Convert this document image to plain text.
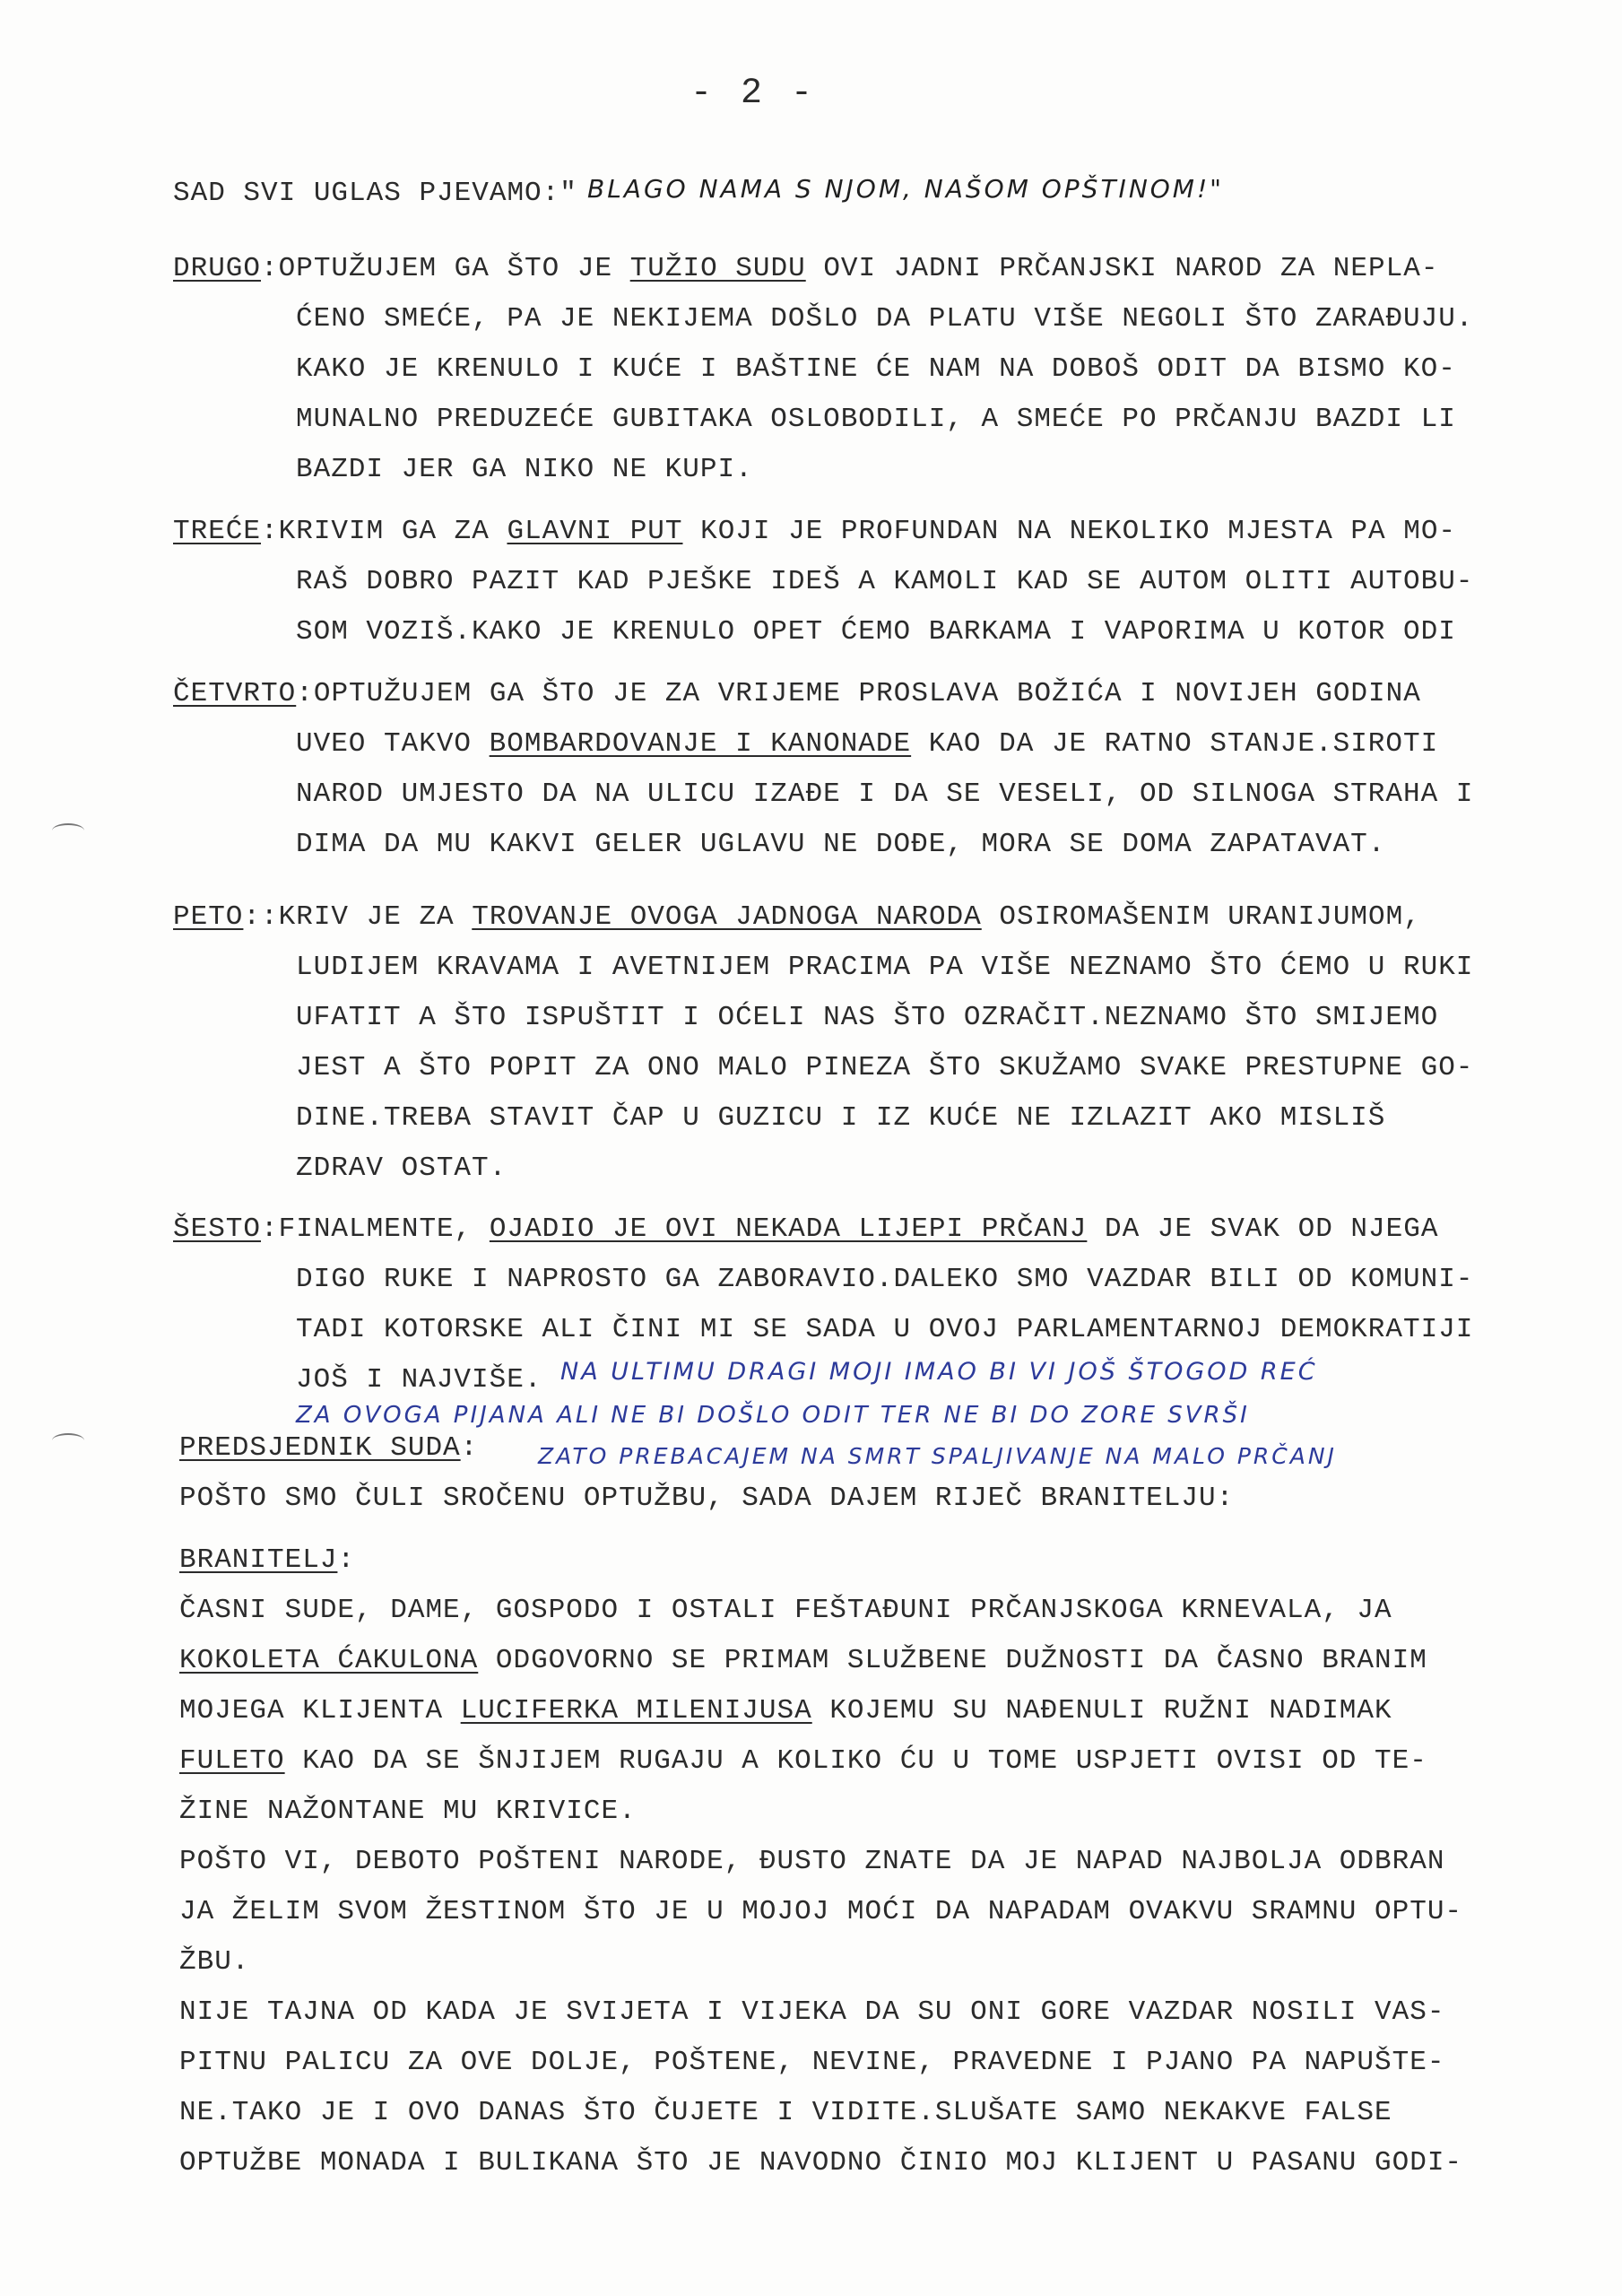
- 2 -
SAD SVI UGLAS PJEVAMO:" BLAGO NAMA S NJOM, NAŠOM OPŠTINOM!"
DRUGO:OPTUŽUJEM GA ŠTO JE TUŽIO SUDU OVI JADNI PRČANJSKI NAROD ZA NEPLA-
ĆENO SMEĆE, PA JE NEKIJEMA DOŠLO DA PLATU VIŠE NEGOLI ŠTO ZARAĐUJU.
KAKO JE KRENULO I KUĆE I BAŠTINE ĆE NAM NA DOBOŠ ODIT DA BISMO KO-
MUNALNO PREDUZEĆE GUBITAKA OSLOBODILI, A SMEĆE PO PRČANJU BAZDI LI
BAZDI JER GA NIKO NE KUPI.
TREĆE:KRIVIM GA ZA GLAVNI PUT KOJI JE PROFUNDAN NA NEKOLIKO MJESTA PA MO-
RAŠ DOBRO PAZIT KAD PJEŠKE IDEŠ A KAMOLI KAD SE AUTOM OLITI AUTOBU-
SOM VOZIŠ.KAKO JE KRENULO OPET ĆEMO BARKAMA I VAPORIMA U KOTOR ODI
ČETVRTO:OPTUŽUJEM GA ŠTO JE ZA VRIJEME PROSLAVA BOŽIĆA I NOVIJEH GODINA
UVEO TAKVO BOMBARDOVANJE I KANONADE KAO DA JE RATNO STANJE.SIROTI
NAROD UMJESTO DA NA ULICU IZAĐE I DA SE VESELI, OD SILNOGA STRAHA I
DIMA DA MU KAKVI GELER UGLAVU NE DOĐE, MORA SE DOMA ZAPATAVAT.
PETO::KRIV JE ZA TROVANJE OVOGA JADNOGA NARODA OSIROMAŠENIM URANIJUMOM,
LUDIJEM KRAVAMA I AVETNIJEM PRACIMA PA VIŠE NEZNAMO ŠTO ĆEMO U RUKI
UFATIT A ŠTO ISPUŠTIT I OĆELI NAS ŠTO OZRAČIT.NEZNAMO ŠTO SMIJEMO
JEST A ŠTO POPIT ZA ONO MALO PINEZA ŠTO SKUŽAMO SVAKE PRESTUPNE GO-
DINE.TREBA STAVIT ČAP U GUZICU I IZ KUĆE NE IZLAZIT AKO MISLIŠ
ZDRAV OSTAT.
ŠESTO:FINALMENTE, OJADIO JE OVI NEKADA LIJEPI PRČANJ DA JE SVAK OD NJEGA
DIGO RUKE I NAPROSTO GA ZABORAVIO.DALEKO SMO VAZDAR BILI OD KOMUNI-
TADI KOTORSKE ALI ČINI MI SE SADA U OVOJ PARLAMENTARNOJ DEMOKRATIJI
JOŠ I NAJVIŠE. NA ULTIMU DRAGI MOJI IMAO BI VI JOŠ ŠTOGOD REĆ
ZA OVOGA PIJANA ALI NE BI DOŠLO ODIT TER NE BI DO ZORE SVRŠI
ZATO PREBACAJEM NA SMRT SPALJIVANJE NA MALO PRČANJ
PREDSJEDNIK SUDA:
POŠTO SMO ČULI SROČENU OPTUŽBU, SADA DAJEM RIJEČ BRANITELJU:
BRANITELJ:
ČASNI SUDE, DAME, GOSPODO I OSTALI FEŠTAĐUNI PRČANJSKOGA KRNEVALA, JA
KOKOLETA ĆAKULONA ODGOVORNO SE PRIMAM SLUŽBENE DUŽNOSTI DA ČASNO BRANIM
MOJEGA KLIJENTA LUCIFERKA MILENIJUSA KOJEMU SU NAĐENULI RUŽNI NADIMAK
FULETO KAO DA SE ŠNJIJEM RUGAJU A KOLIKO ĆU U TOME USPJETI OVISI OD TE-
ŽINE NAŽONTANE MU KRIVICE.
POŠTO VI, DEBOTO POŠTENI NARODE, ĐUSTO ZNATE DA JE NAPAD NAJBOLJA ODBRAN
JA ŽELIM SVOM ŽESTINOM ŠTO JE U MOJOJ MOĆI DA NAPADAM OVAKVU SRAMNU OPTU-
ŽBU.
NIJE TAJNA OD KADA JE SVIJETA I VIJEKA DA SU ONI GORE VAZDAR NOSILI VAS-
PITNU PALICU ZA OVE DOLJE, POŠTENE, NEVINE, PRAVEDNE I PJANO PA NAPUŠTE-
NE.TAKO JE I OVO DANAS ŠTO ČUJETE I VIDITE.SLUŠATE SAMO NEKAKVE FALSE
OPTUŽBE MONADA I BULIKANA ŠTO JE NAVODNO ČINIO MOJ KLIJENT U PASANU GODI-
